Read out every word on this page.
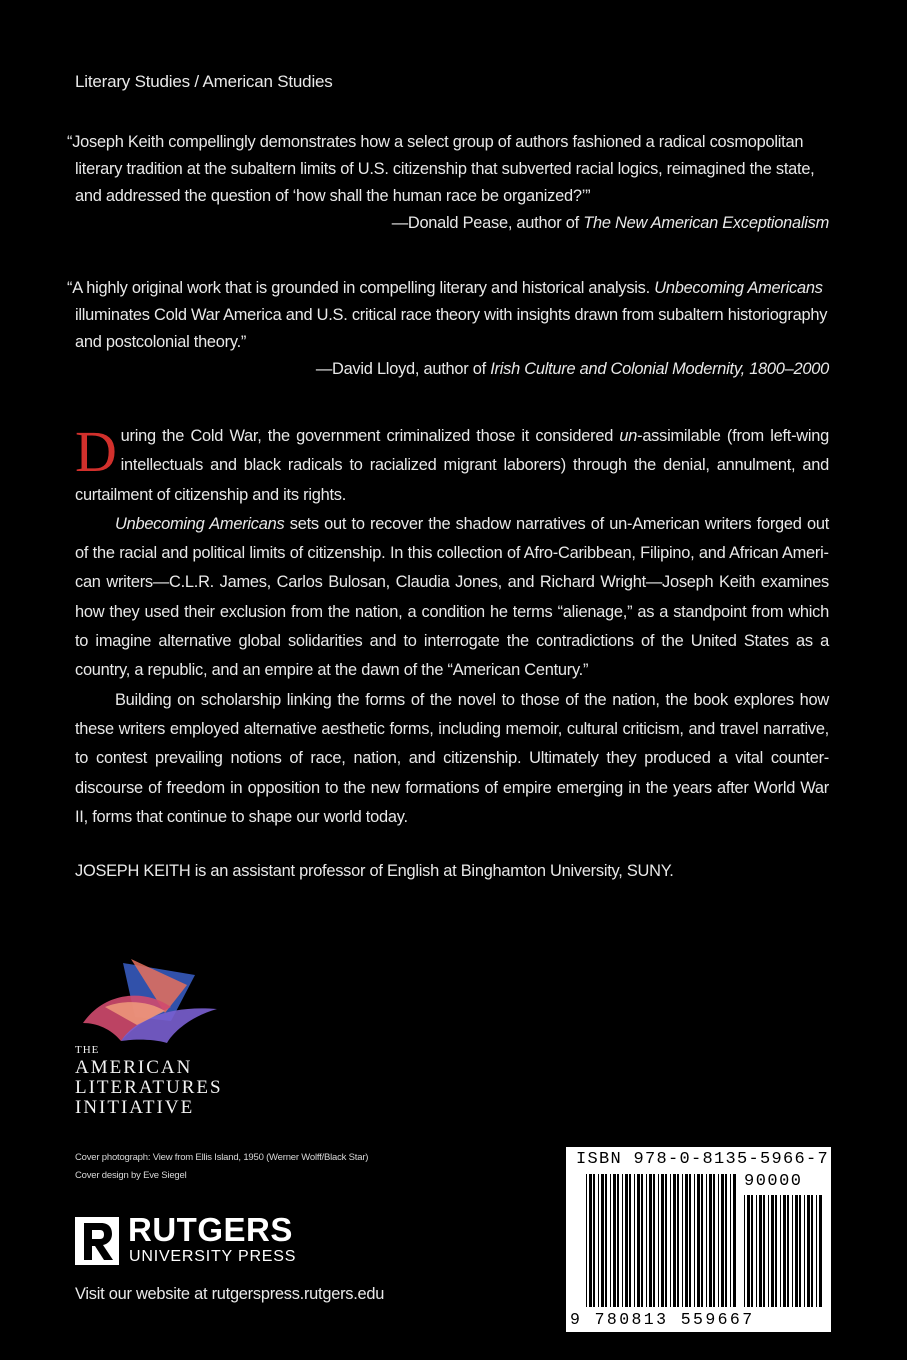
Literary Studies / American Studies

“Joseph Keith compellingly demonstrates how a select group of authors fashioned a radical cosmopolitan literary tradition at the subaltern limits of U.S. citizenship that subverted racial logics, reimagined the state, and addressed the question of ‘how shall the human race be organized?’”

—Donald Pease, author of The New American Exceptionalism

“A highly original work that is grounded in compelling literary and historical analysis. Unbecoming Americans illuminates Cold War America and U.S. critical race theory with insights drawn from subaltern historiography and postcolonial theory.”

—David Lloyd, author of Irish Culture and Colonial Modernity, 1800–2000

During the Cold War, the government criminalized those it considered un-assimilable (from left-wing intellectuals and black radicals to racialized migrant laborers) through the denial, annulment, and curtailment of citizenship and its rights.

Unbecoming Americans sets out to recover the shadow narratives of un-American writers forged out of the racial and political limits of citizenship. In this collection of Afro-Caribbean, Filipino, and African American writers—C.L.R. James, Carlos Bulosan, Claudia Jones, and Richard Wright—Joseph Keith examines how they used their exclusion from the nation, a condition he terms “alienage,” as a standpoint from which to imagine alternative global solidarities and to interrogate the contradictions of the United States as a country, a republic, and an empire at the dawn of the “American Century.”

Building on scholarship linking the forms of the novel to those of the nation, the book explores how these writers employed alternative aesthetic forms, including memoir, cultural criticism, and travel narrative, to contest prevailing notions of race, nation, and citizenship. Ultimately they produced a vital counter-discourse of freedom in opposition to the new formations of empire emerging in the years after World War II, forms that continue to shape our world today.

JOSEPH KEITH is an assistant professor of English at Binghamton University, SUNY.
THE
AMERICAN
LITERATURES
INITIATIVE
Cover photograph: View from Ellis Island, 1950 (Werner Wolff/Black Star)
Cover design by Eve Siegel
RUTGERS
UNIVERSITY PRESS
Visit our website at rutgerspress.rutgers.edu
ISBN 978-0-8135-5966-7
90000
9 780813 559667
